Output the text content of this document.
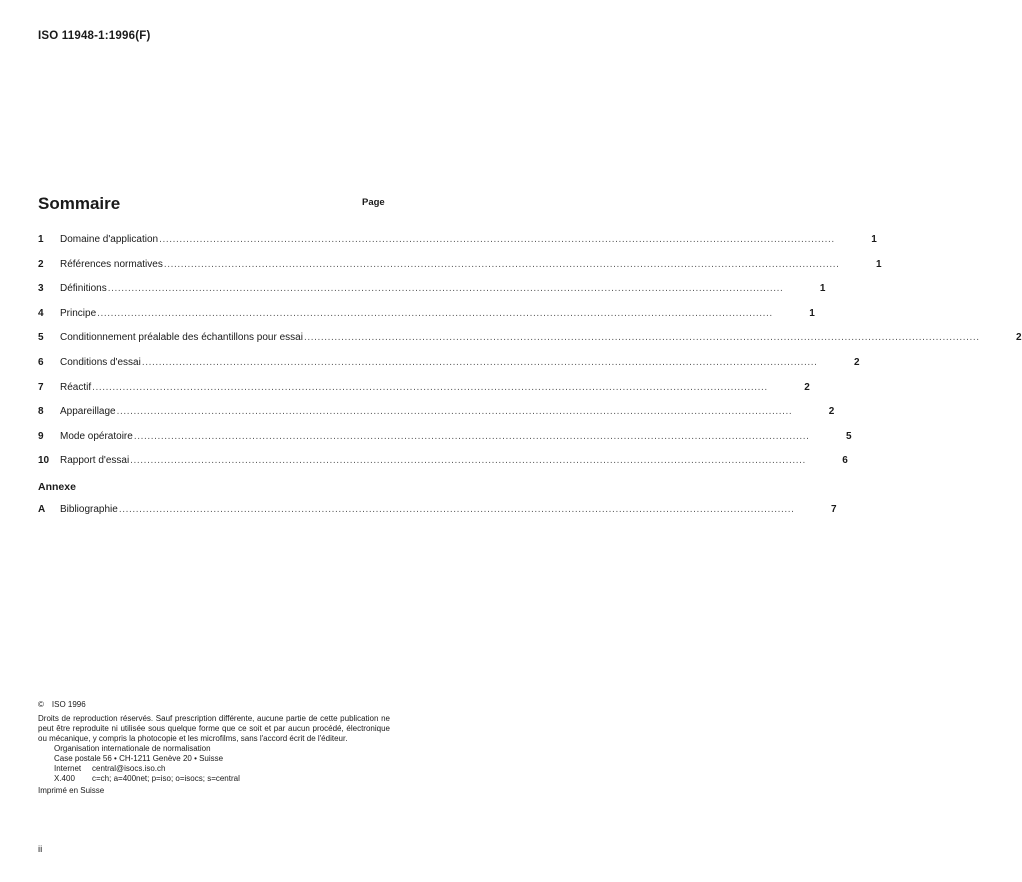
ISO 11948-1:1996(F)
Sommaire	Page
1	Domaine d'application ........................................................................................................................................................................................................	1
2	Références normatives ........................................................................................................................................................................................................	1
3	Définitions ........................................................................................................................................................................................................	1
4	Principe ........................................................................................................................................................................................................	1
5	Conditionnement préalable des échantillons pour essai ........................................................................................................................................................................................................	2
6	Conditions d'essai ........................................................................................................................................................................................................	2
7	Réactif ........................................................................................................................................................................................................	2
8	Appareillage ........................................................................................................................................................................................................	2
9	Mode opératoire ........................................................................................................................................................................................................	5
10	Rapport d'essai ........................................................................................................................................................................................................	6
Annexe
A	Bibliographie ........................................................................................................................................................................................................	7
© ISO 1996

Droits de reproduction réservés. Sauf prescription différente, aucune partie de cette publication ne peut être reproduite ni utilisée sous quelque forme que ce soit et par aucun procédé, électronique ou mécanique, y compris la photocopie et les microfilms, sans l'accord écrit de l'éditeur.

Organisation internationale de normalisation
Case postale 56 • CH-1211 Genève 20 • Suisse
Internet	central@isocs.iso.ch
X.400	c=ch; a=400net; p=iso; o=isocs; s=central
Imprimé en Suisse
ii
